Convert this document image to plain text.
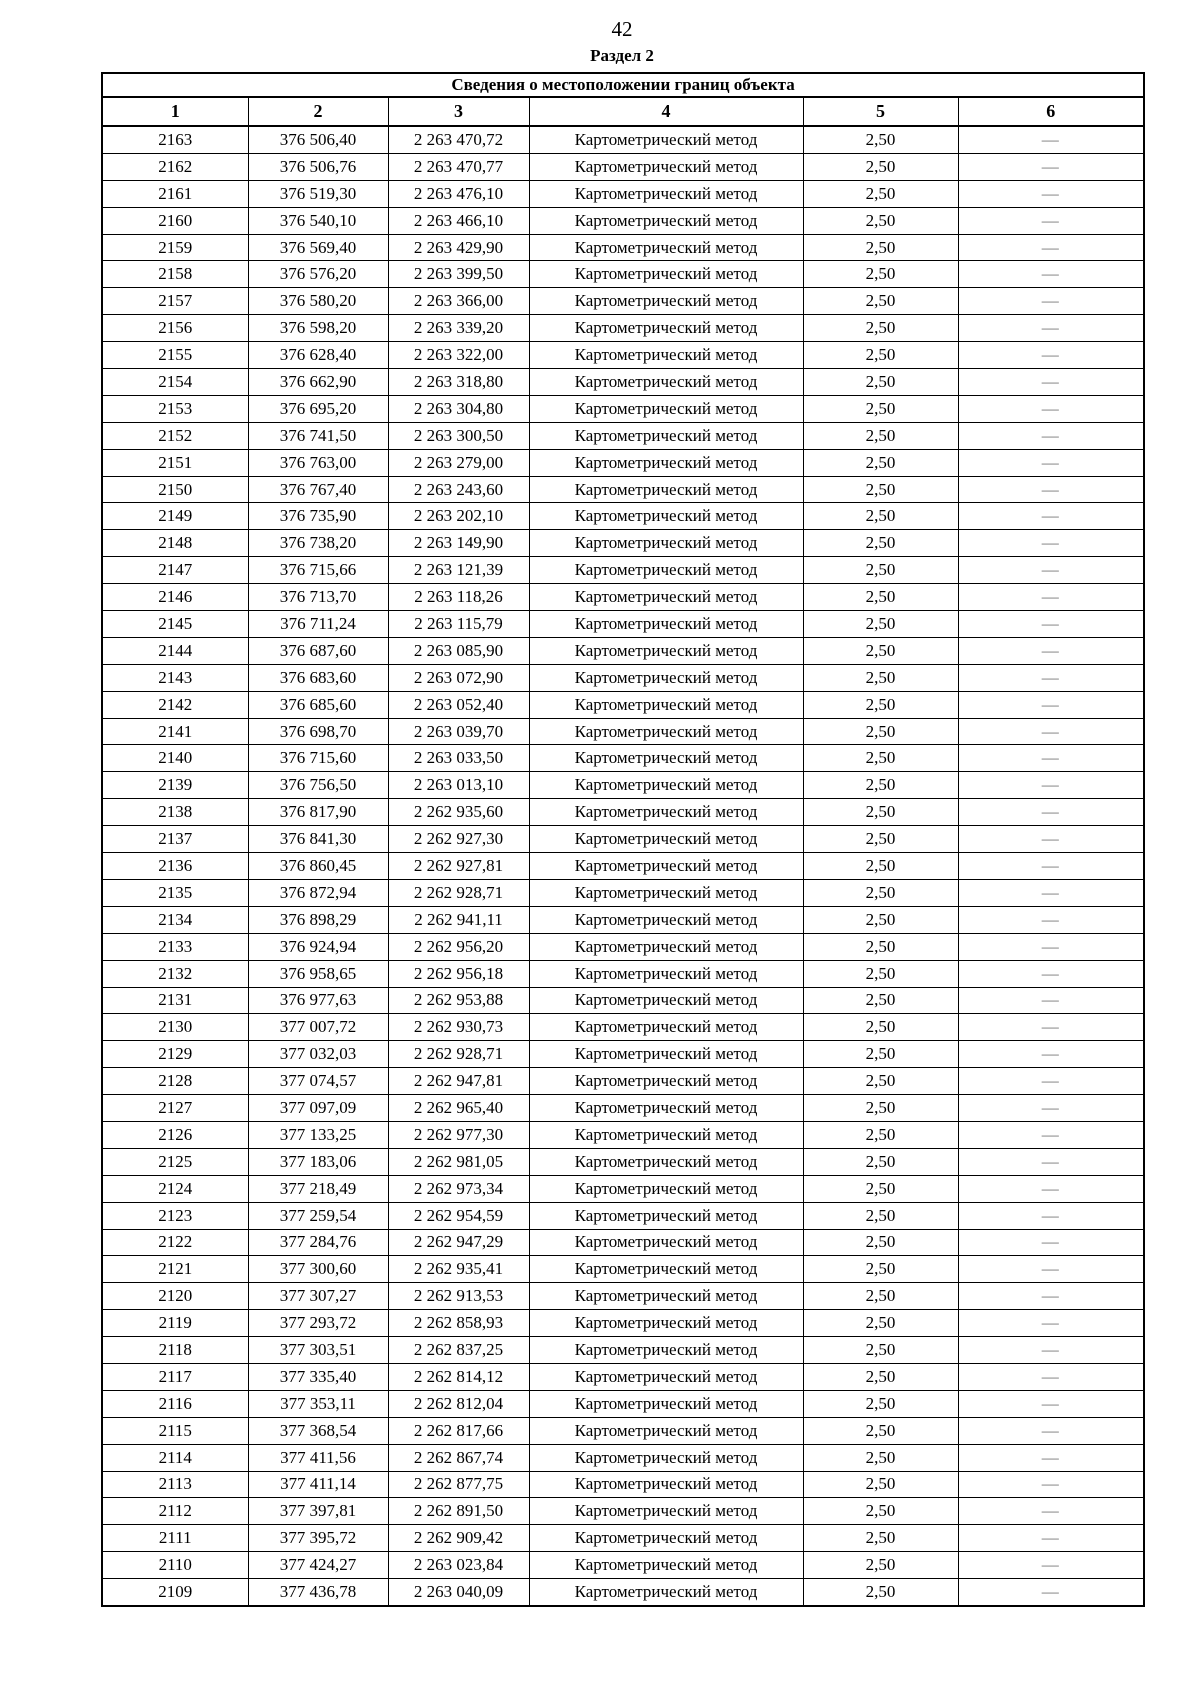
42
Раздел 2
Сведения о местоположении границ объекта					
1	2	3	4	5	6
2163	376 506,40	2 263 470,72	Картометрический метод	2,50	—
2162	376 506,76	2 263 470,77	Картометрический метод	2,50	—
2161	376 519,30	2 263 476,10	Картометрический метод	2,50	—
2160	376 540,10	2 263 466,10	Картометрический метод	2,50	—
2159	376 569,40	2 263 429,90	Картометрический метод	2,50	—
2158	376 576,20	2 263 399,50	Картометрический метод	2,50	—
2157	376 580,20	2 263 366,00	Картометрический метод	2,50	—
2156	376 598,20	2 263 339,20	Картометрический метод	2,50	—
2155	376 628,40	2 263 322,00	Картометрический метод	2,50	—
2154	376 662,90	2 263 318,80	Картометрический метод	2,50	—
2153	376 695,20	2 263 304,80	Картометрический метод	2,50	—
2152	376 741,50	2 263 300,50	Картометрический метод	2,50	—
2151	376 763,00	2 263 279,00	Картометрический метод	2,50	—
2150	376 767,40	2 263 243,60	Картометрический метод	2,50	—
2149	376 735,90	2 263 202,10	Картометрический метод	2,50	—
2148	376 738,20	2 263 149,90	Картометрический метод	2,50	—
2147	376 715,66	2 263 121,39	Картометрический метод	2,50	—
2146	376 713,70	2 263 118,26	Картометрический метод	2,50	—
2145	376 711,24	2 263 115,79	Картометрический метод	2,50	—
2144	376 687,60	2 263 085,90	Картометрический метод	2,50	—
2143	376 683,60	2 263 072,90	Картометрический метод	2,50	—
2142	376 685,60	2 263 052,40	Картометрический метод	2,50	—
2141	376 698,70	2 263 039,70	Картометрический метод	2,50	—
2140	376 715,60	2 263 033,50	Картометрический метод	2,50	—
2139	376 756,50	2 263 013,10	Картометрический метод	2,50	—
2138	376 817,90	2 262 935,60	Картометрический метод	2,50	—
2137	376 841,30	2 262 927,30	Картометрический метод	2,50	—
2136	376 860,45	2 262 927,81	Картометрический метод	2,50	—
2135	376 872,94	2 262 928,71	Картометрический метод	2,50	—
2134	376 898,29	2 262 941,11	Картометрический метод	2,50	—
2133	376 924,94	2 262 956,20	Картометрический метод	2,50	—
2132	376 958,65	2 262 956,18	Картометрический метод	2,50	—
2131	376 977,63	2 262 953,88	Картометрический метод	2,50	—
2130	377 007,72	2 262 930,73	Картометрический метод	2,50	—
2129	377 032,03	2 262 928,71	Картометрический метод	2,50	—
2128	377 074,57	2 262 947,81	Картометрический метод	2,50	—
2127	377 097,09	2 262 965,40	Картометрический метод	2,50	—
2126	377 133,25	2 262 977,30	Картометрический метод	2,50	—
2125	377 183,06	2 262 981,05	Картометрический метод	2,50	—
2124	377 218,49	2 262 973,34	Картометрический метод	2,50	—
2123	377 259,54	2 262 954,59	Картометрический метод	2,50	—
2122	377 284,76	2 262 947,29	Картометрический метод	2,50	—
2121	377 300,60	2 262 935,41	Картометрический метод	2,50	—
2120	377 307,27	2 262 913,53	Картометрический метод	2,50	—
2119	377 293,72	2 262 858,93	Картометрический метод	2,50	—
2118	377 303,51	2 262 837,25	Картометрический метод	2,50	—
2117	377 335,40	2 262 814,12	Картометрический метод	2,50	—
2116	377 353,11	2 262 812,04	Картометрический метод	2,50	—
2115	377 368,54	2 262 817,66	Картометрический метод	2,50	—
2114	377 411,56	2 262 867,74	Картометрический метод	2,50	—
2113	377 411,14	2 262 877,75	Картометрический метод	2,50	—
2112	377 397,81	2 262 891,50	Картометрический метод	2,50	—
2111	377 395,72	2 262 909,42	Картометрический метод	2,50	—
2110	377 424,27	2 263 023,84	Картометрический метод	2,50	—
2109	377 436,78	2 263 040,09	Картометрический метод	2,50	—
